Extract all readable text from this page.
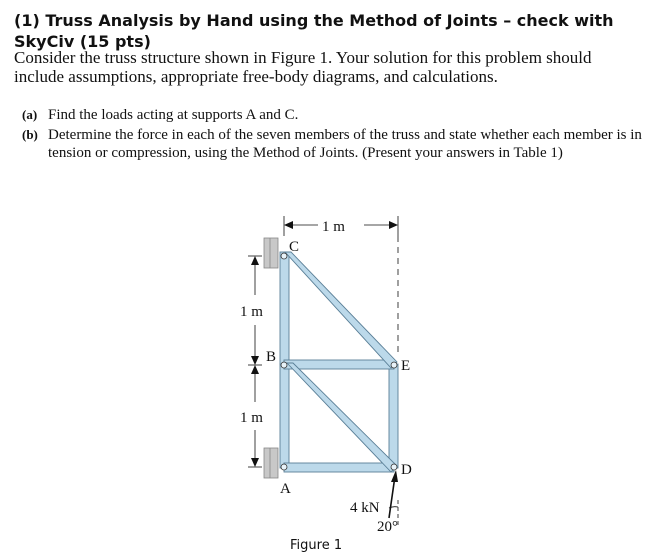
(1) Truss Analysis by Hand using the Method of Joints – check with SkyCiv (15 pts)
Consider the truss structure shown in Figure 1. Your solution for this problem should include assumptions, appropriate free-body diagrams, and calculations.
(a) Find the loads acting at supports A and C.
(b) Determine the force in each of the seven members of the truss and state whether each member is in tension or compression, using the Method of Joints. (Present your answers in Table 1)
1 m
1 m
1 m
C
B
A
E
D
4 kN
20°
Figure 1
